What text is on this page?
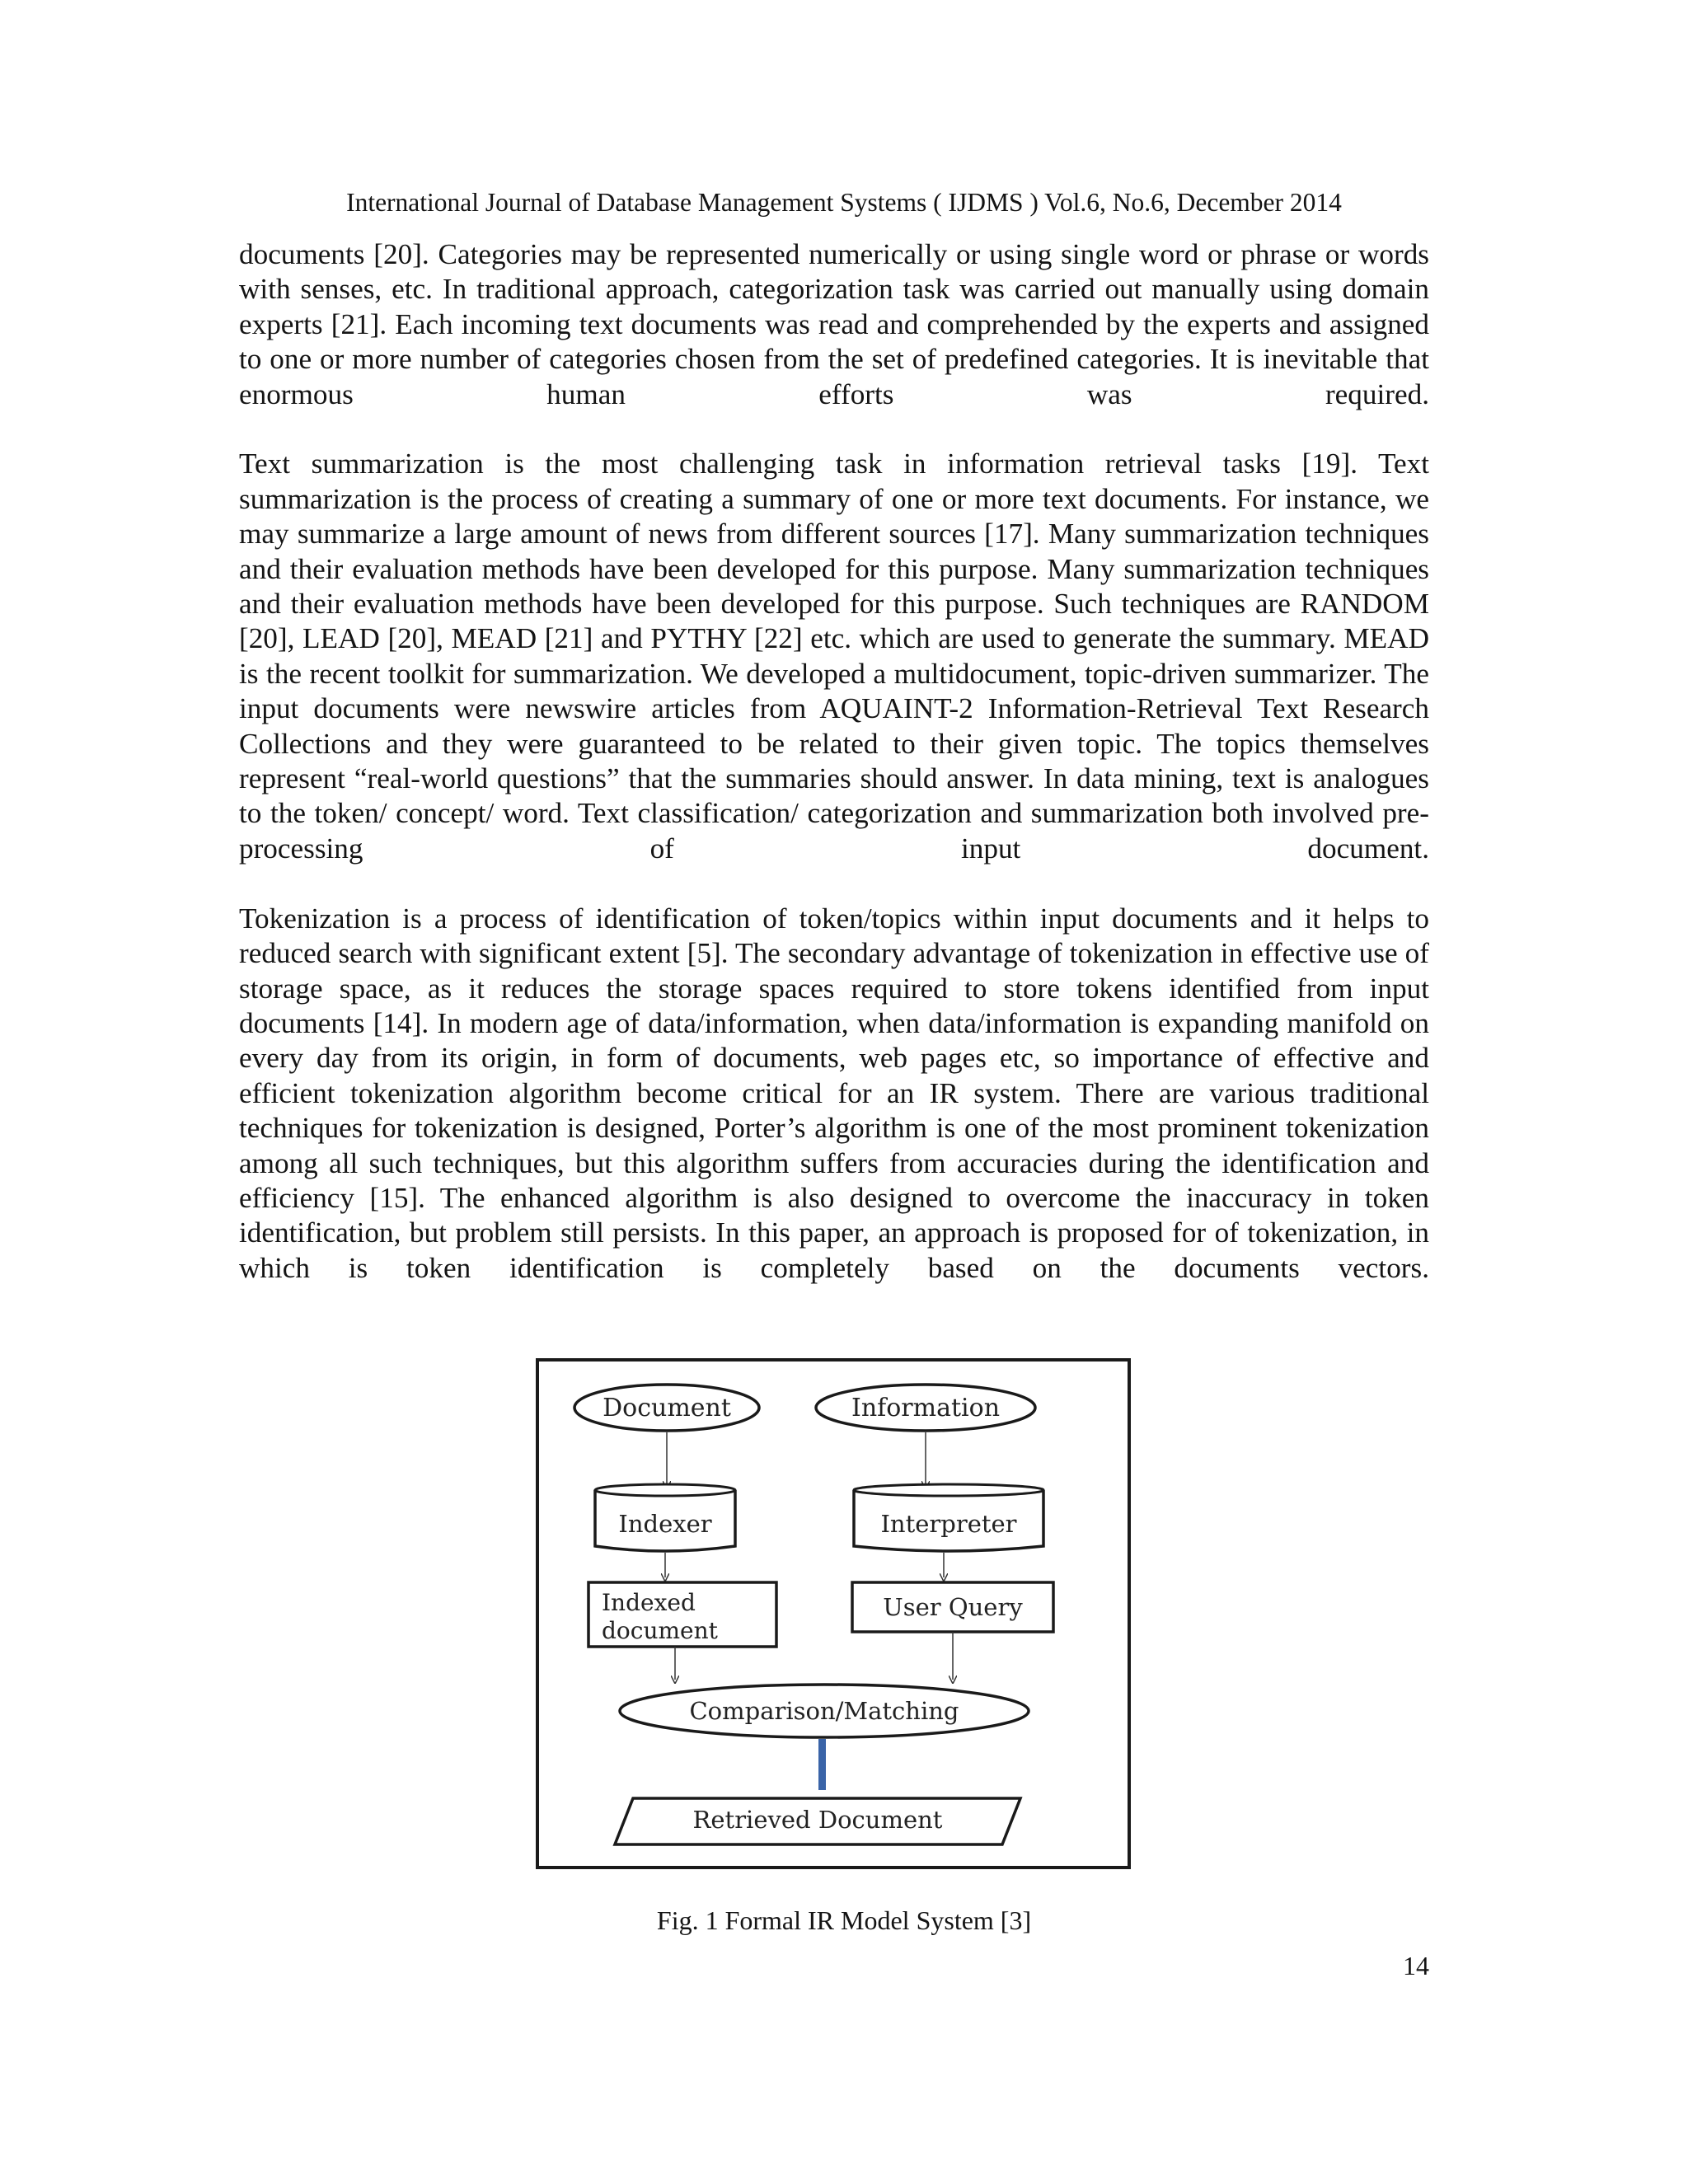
International Journal of Database Management Systems ( IJDMS ) Vol.6, No.6, December 2014

documents [20]. Categories may be represented numerically or using single word or phrase or words with senses, etc. In traditional approach, categorization task was carried out manually using domain experts [21]. Each incoming text documents was read and comprehended by the experts and assigned to one or more number of categories chosen from the set of predefined categories. It is inevitable that enormous human efforts was required.

Text summarization is the most challenging task in information retrieval tasks [19]. Text summarization is the process of creating a summary of one or more text documents. For instance, we may summarize a large amount of news from different sources [17]. Many summarization techniques and their evaluation methods have been developed for this purpose. Many summarization techniques and their evaluation methods have been developed for this purpose. Such techniques are RANDOM [20], LEAD [20], MEAD [21] and PYTHY [22] etc. which are used to generate the summary. MEAD is the recent toolkit for summarization. We developed a multidocument, topic-driven summarizer. The input documents were newswire articles from AQUAINT-2 Information-Retrieval Text Research Collections and they were guaranteed to be related to their given topic. The topics themselves represent “real-world questions” that the summaries should answer. In data mining, text is analogues to the token/ concept/ word. Text classification/ categorization and summarization both involved pre-processing of input document.

Tokenization is a process of identification of token/topics within input documents and it helps to reduced search with significant extent [5]. The secondary advantage of tokenization in effective use of storage space, as it reduces the storage spaces required to store tokens identified from input documents [14]. In modern age of data/information, when data/information is expanding manifold on every day from its origin, in form of documents, web pages etc, so importance of effective and efficient tokenization algorithm become critical for an IR system. There are various traditional techniques for tokenization is designed, Porter’s algorithm is one of the most prominent tokenization among all such techniques, but this algorithm suffers from accuracies during the identification and efficiency [15]. The enhanced algorithm is also designed to overcome the inaccuracy in token identification, but problem still persists. In this paper, an approach is proposed for of tokenization, in which is token identification is completely based on the documents vectors.

Document	Information
Indexer	Interpreter
Indexed
document
User Query
Comparison/Matching
Retrieved Document
Fig. 1 Formal IR Model System [3]
14
